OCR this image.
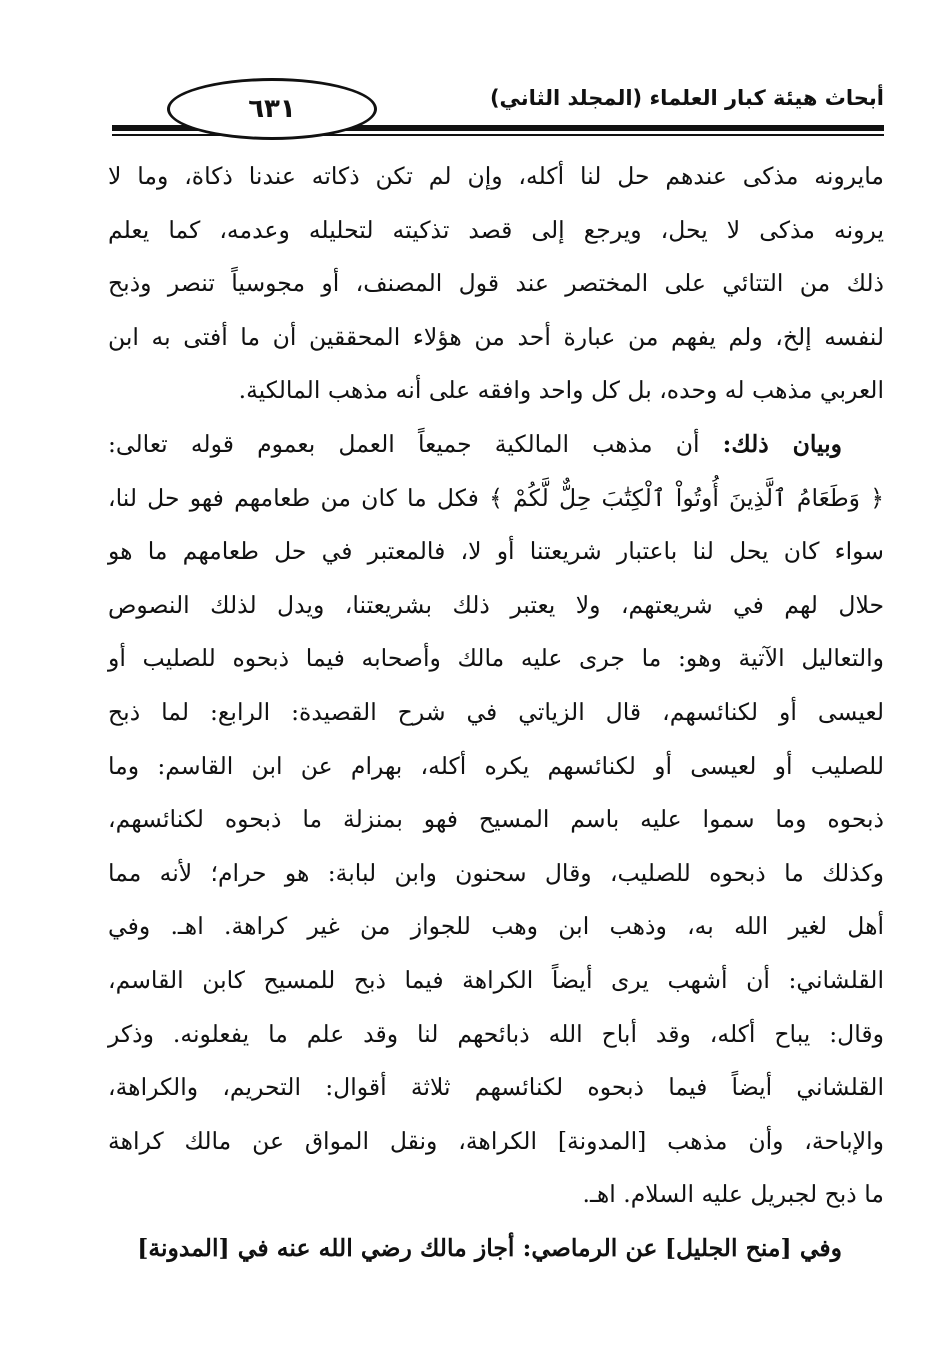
٦٣١	أبحاث هيئة كبار العلماء (المجلد الثاني)
مايرونه مذكى عندهم حل لنا أكله، وإن لم تكن ذكاته عندنا ذكاة، وما لا
يرونه مذكى لا يحل، ويرجع إلى قصد تذكيته لتحليله وعدمه، كما يعلم
ذلك من التتائي على المختصر عند قول المصنف، أو مجوسياً تنصر وذبح
لنفسه إلخ، ولم يفهم من عبارة أحد من هؤلاء المحققين أن ما أفتى به ابن
العربي مذهب له وحده، بل كل واحد وافقه على أنه مذهب المالكية.
وبيان ذلك: أن مذهب المالكية جميعاً العمل بعموم قوله تعالى:
﴿ وَطَعَامُ ٱلَّذِينَ أُوتُواْ ٱلْكِتَٰبَ حِلٌّ لَّكُمْ ﴾ فكل ما كان من طعامهم فهو حل لنا،
سواء كان يحل لنا باعتبار شريعتنا أو لا، فالمعتبر في حل طعامهم ما هو
حلال لهم في شريعتهم، ولا يعتبر ذلك بشريعتنا، ويدل لذلك النصوص
والتعاليل الآتية وهو: ما جرى عليه مالك وأصحابه فيما ذبحوه للصليب أو
لعيسى أو لكنائسهم، قال الزياتي في شرح القصيدة: الرابع: لما ذبح
للصليب أو لعيسى أو لكنائسهم يكره أكله، بهرام عن ابن القاسم: وما
ذبحوه وما سموا عليه باسم المسيح فهو بمنزلة ما ذبحوه لكنائسهم،
وكذلك ما ذبحوه للصليب، وقال سحنون وابن لبابة: هو حرام؛ لأنه مما
أهل لغير الله به، وذهب ابن وهب للجواز من غير كراهة. اهـ. وفي
القلشاني: أن أشهب يرى أيضاً الكراهة فيما ذبح للمسيح كابن القاسم،
وقال: يباح أكله، وقد أباح الله ذبائحهم لنا وقد علم ما يفعلونه. وذكر
القلشاني أيضاً فيما ذبحوه لكنائسهم ثلاثة أقوال: التحريم، والكراهة،
والإباحة، وأن مذهب [المدونة] الكراهة، ونقل المواق عن مالك كراهة
ما ذبح لجبريل عليه السلام. اهـ.
وفي [منح الجليل] عن الرماصي: أجاز مالك رضي الله عنه في [المدونة]
